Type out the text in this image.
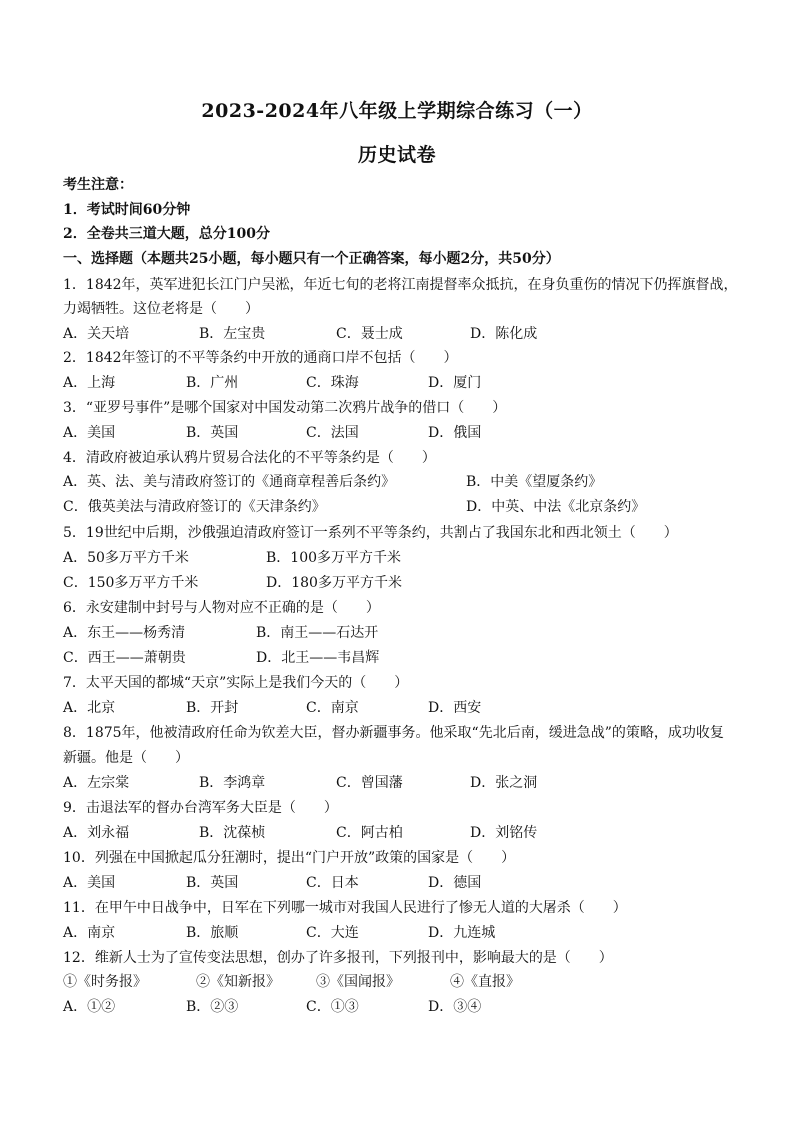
2023-2024年八年级上学期综合练习（一）
历史试卷
考生注意：
1．考试时间60分钟
2．全卷共三道大题，总分100分
一、选择题（本题共25小题，每小题只有一个正确答案，每小题2分，共50分）
1．1842年，英军进犯长江门户吴淞，年近七旬的老将江南提督率众抵抗，在身负重伤的情况下仍挥旗督战，
力竭牺牲。这位老将是（　　）
A．关天培	B．左宝贵	C．聂士成	D．陈化成
2．1842年签订的不平等条约中开放的通商口岸不包括（　　）
A．上海	B．广州	C．珠海	D．厦门
3．“亚罗号事件”是哪个国家对中国发动第二次鸦片战争的借口（　　）
A．美国	B．英国	C．法国	D．俄国
4．清政府被迫承认鸦片贸易合法化的不平等条约是（　　）
A．英、法、美与清政府签订的《通商章程善后条约》	B．中美《望厦条约》
C．俄英美法与清政府签订的《天津条约》	D．中英、中法《北京条约》
5．19世纪中后期，沙俄强迫清政府签订一系列不平等条约，共割占了我国东北和西北领土（　　）
A．50多万平方千米	B．100多万平方千米
C．150多万平方千米	D．180多万平方千米
6．永安建制中封号与人物对应不正确的是（　　）
A．东王——杨秀清	B．南王——石达开
C．西王——萧朝贵	D．北王——韦昌辉
7．太平天国的都城“天京”实际上是我们今天的（　　）
A．北京	B．开封	C．南京	D．西安
8．1875年，他被清政府任命为钦差大臣，督办新疆事务。他采取“先北后南，缓进急战”的策略，成功收复
新疆。他是（　　）
A．左宗棠	B．李鸿章	C．曾国藩	D．张之洞
9．击退法军的督办台湾军务大臣是（　　）
A．刘永福	B．沈葆桢	C．阿古柏	D．刘铭传
10．列强在中国掀起瓜分狂潮时，提出“门户开放”政策的国家是（　　）
A．美国	B．英国	C．日本	D．德国
11．在甲午中日战争中，日军在下列哪一城市对我国人民进行了惨无人道的大屠杀（　　）
A．南京	B．旅顺	C．大连	D．九连城
12．维新人士为了宣传变法思想，创办了许多报刊，下列报刊中，影响最大的是（　　）
①《时务报》	②《知新报》	③《国闻报》	④《直报》
A．①②	B．②③	C．①③	D．③④
